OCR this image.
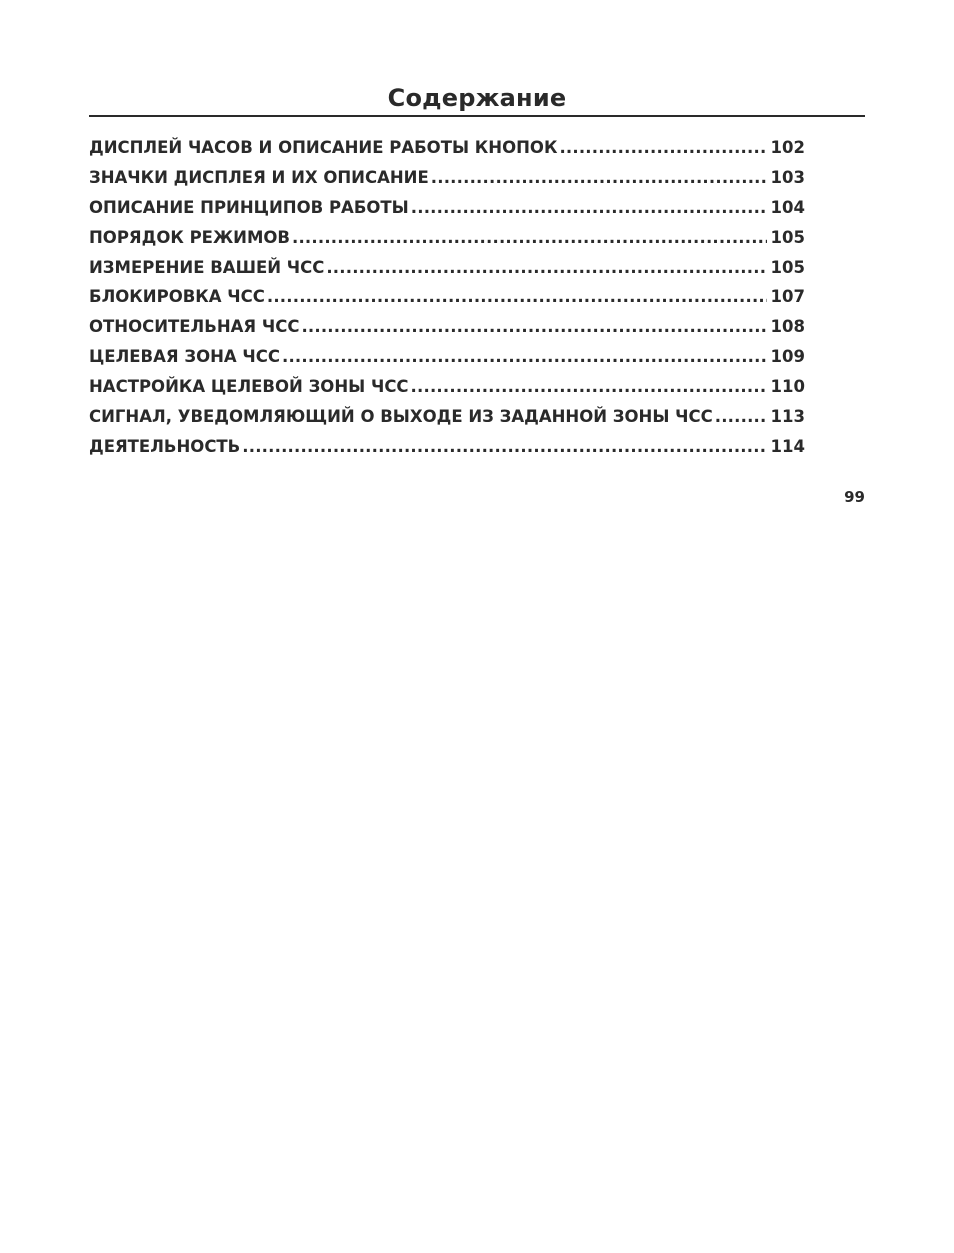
Содержание
ДИСПЛЕЙ ЧАСОВ И ОПИСАНИЕ РАБОТЫ КНОПОК .....	102
ЗНАЧКИ ДИСПЛЕЯ И ИХ ОПИСАНИЕ .....	103
ОПИСАНИЕ ПРИНЦИПОВ РАБОТЫ .....	104
ПОРЯДОК РЕЖИМОВ .....	105
ИЗМЕРЕНИЕ ВАШЕЙ ЧСС .....	105
БЛОКИРОВКА ЧСС .....	107
ОТНОСИТЕЛЬНАЯ ЧСС .....	108
ЦЕЛЕВАЯ ЗОНА ЧСС .....	109
НАСТРОЙКА ЦЕЛЕВОЙ ЗОНЫ ЧСС .....	110
СИГНАЛ, УВЕДОМЛЯЮЩИЙ О ВЫХОДЕ ИЗ ЗАДАННОЙ ЗОНЫ ЧСС .....	113
ДЕЯТЕЛЬНОСТЬ .....	114
99
